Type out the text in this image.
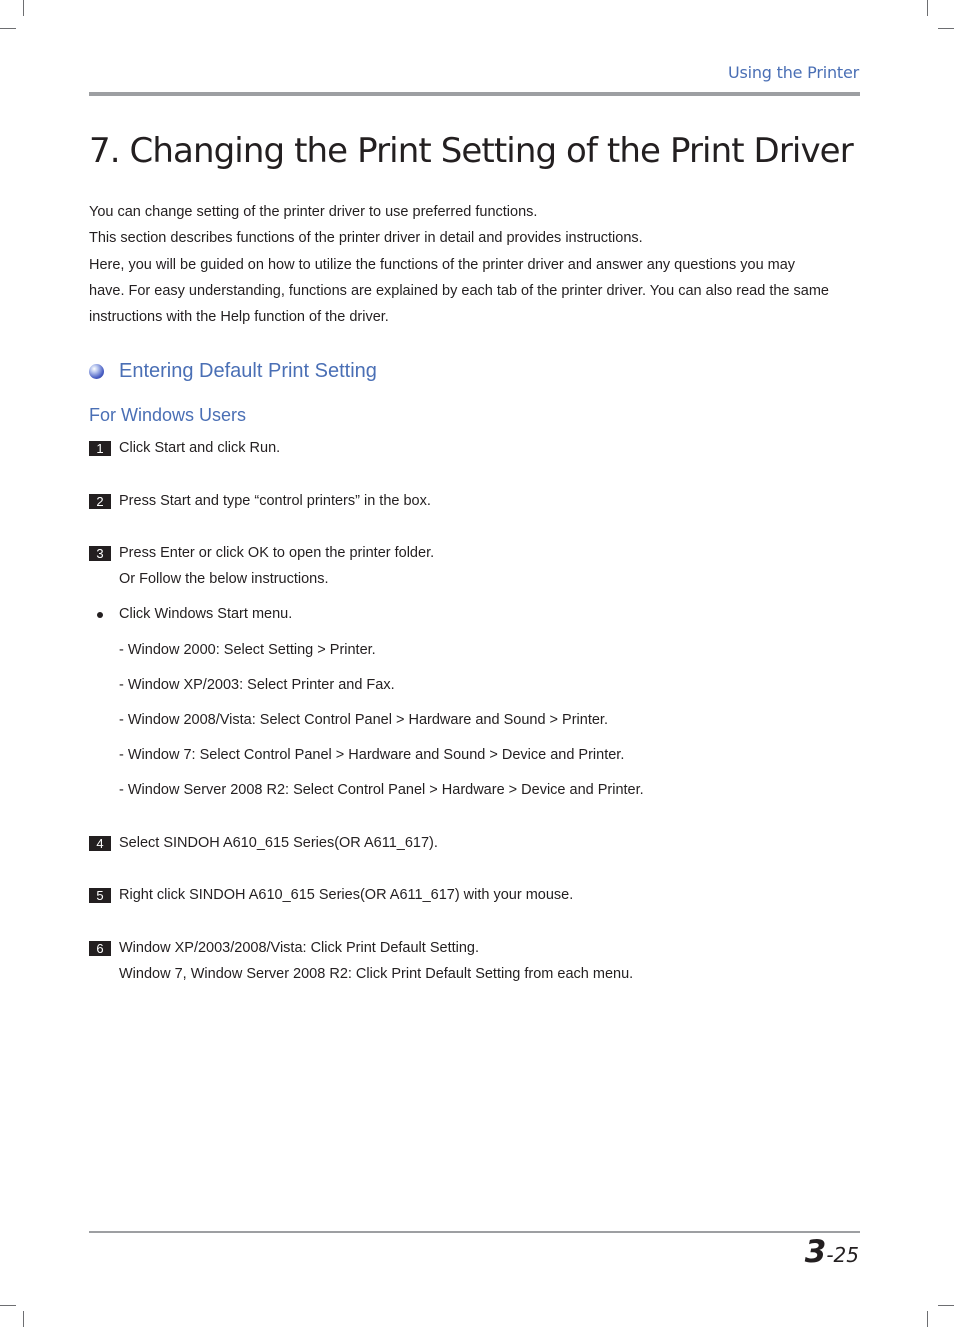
Using the Printer
7. Changing the Print Setting of the Print Driver

You can change setting of the printer driver to use preferred functions.

This section describes functions of the printer driver in detail and provides instructions.

Here, you will be guided on how to utilize the functions of the printer driver and answer any questions you may have. For easy understanding, functions are explained by each tab of the printer driver. You can also read the same instructions with the Help function of the driver.

Entering Default Print Setting
For Windows Users
1	Click Start and click Run.
2	Press Start and type “control printers” in the box.
3	Press Enter or click OK to open the printer folder.
Or Follow the below instructions.
Click Windows Start menu.
- Window 2000: Select Setting > Printer.
- Window XP/2003: Select Printer and Fax.
- Window 2008/Vista: Select Control Panel > Hardware and Sound > Printer.
- Window 7: Select Control Panel > Hardware and Sound > Device and Printer.
- Window Server 2008 R2: Select Control Panel > Hardware > Device and Printer.
4	Select SINDOH A610_615 Series(OR A611_617).
5	Right click SINDOH A610_615 Series(OR A611_617) with your mouse.
6	Window XP/2003/2008/Vista: Click Print Default Setting.
Window 7, Window Server 2008 R2: Click Print Default Setting from each menu.
3-25
